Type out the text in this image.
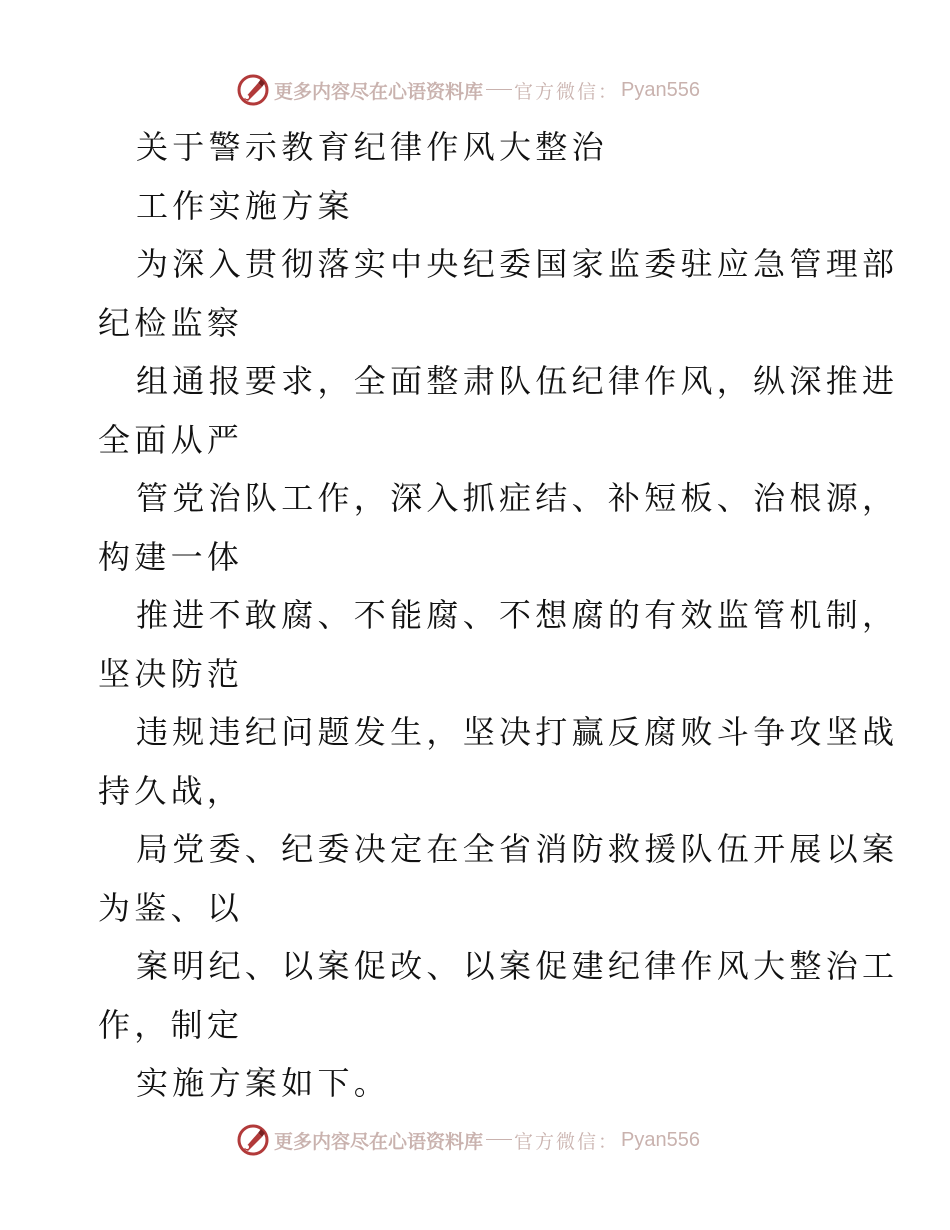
更多内容尽在心语资料库 官方微信： Pyan556
关于警示教育纪律作风大整治
工作实施方案
为深入贯彻落实中央纪委国家监委驻应急管理部
纪检监察
组通报要求，全面整肃队伍纪律作风，纵深推进
全面从严
管党治队工作，深入抓症结、补短板、治根源，
构建一体
推进不敢腐、不能腐、不想腐的有效监管机制，
坚决防范
违规违纪问题发生，坚决打赢反腐败斗争攻坚战
持久战，
局党委、纪委决定在全省消防救援队伍开展以案
为鉴、以
案明纪、以案促改、以案促建纪律作风大整治工
作，制定
实施方案如下。
更多内容尽在心语资料库 官方微信： Pyan556
